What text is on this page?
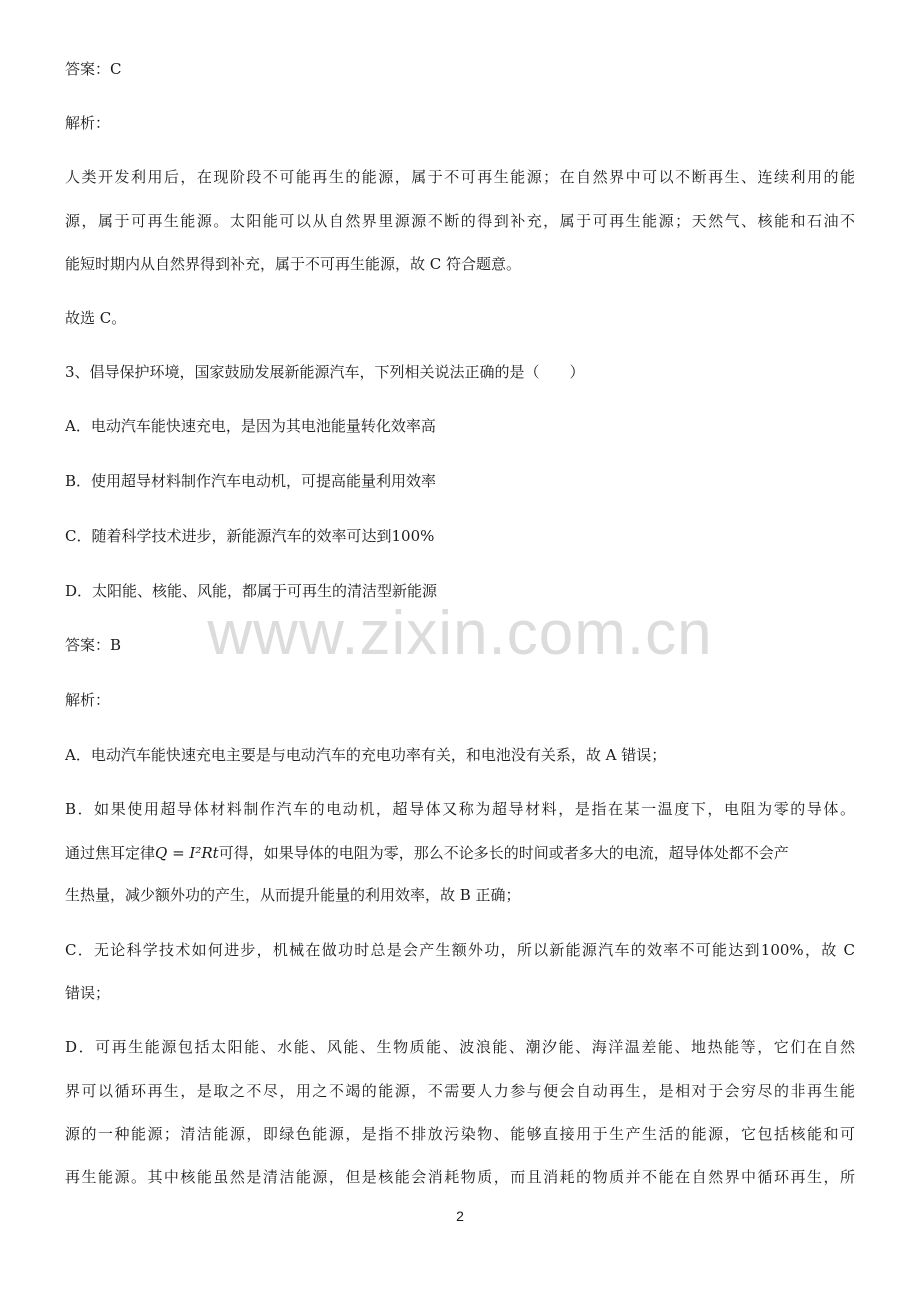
www.zixin.com.cn
答案：C
解析：
人类开发利用后，在现阶段不可能再生的能源，属于不可再生能源；在自然界中可以不断再生、连续利用的能
源，属于可再生能源。太阳能可以从自然界里源源不断的得到补充，属于可再生能源；天然气、核能和石油不
能短时期内从自然界得到补充，属于不可再生能源，故 C 符合题意。
故选 C。
3、倡导保护环境，国家鼓励发展新能源汽车，下列相关说法正确的是（　　）
A．电动汽车能快速充电，是因为其电池能量转化效率高
B．使用超导材料制作汽车电动机，可提高能量利用效率
C．随着科学技术进步，新能源汽车的效率可达到100%
D．太阳能、核能、风能，都属于可再生的清洁型新能源
答案：B
解析：
A．电动汽车能快速充电主要是与电动汽车的充电功率有关，和电池没有关系，故 A 错误；
B．如果使用超导体材料制作汽车的电动机，超导体又称为超导材料，是指在某一温度下，电阻为零的导体。
通过焦耳定律Q = I²Rt可得，如果导体的电阻为零，那么不论多长的时间或者多大的电流，超导体处都不会产
生热量，减少额外功的产生，从而提升能量的利用效率，故 B 正确；
C．无论科学技术如何进步，机械在做功时总是会产生额外功，所以新能源汽车的效率不可能达到100%，故 C
错误；
D．可再生能源包括太阳能、水能、风能、生物质能、波浪能、潮汐能、海洋温差能、地热能等，它们在自然
界可以循环再生，是取之不尽，用之不竭的能源，不需要人力参与便会自动再生，是相对于会穷尽的非再生能
源的一种能源；清洁能源，即绿色能源，是指不排放污染物、能够直接用于生产生活的能源，它包括核能和可
再生能源。其中核能虽然是清洁能源，但是核能会消耗物质，而且消耗的物质并不能在自然界中循环再生，所
2
